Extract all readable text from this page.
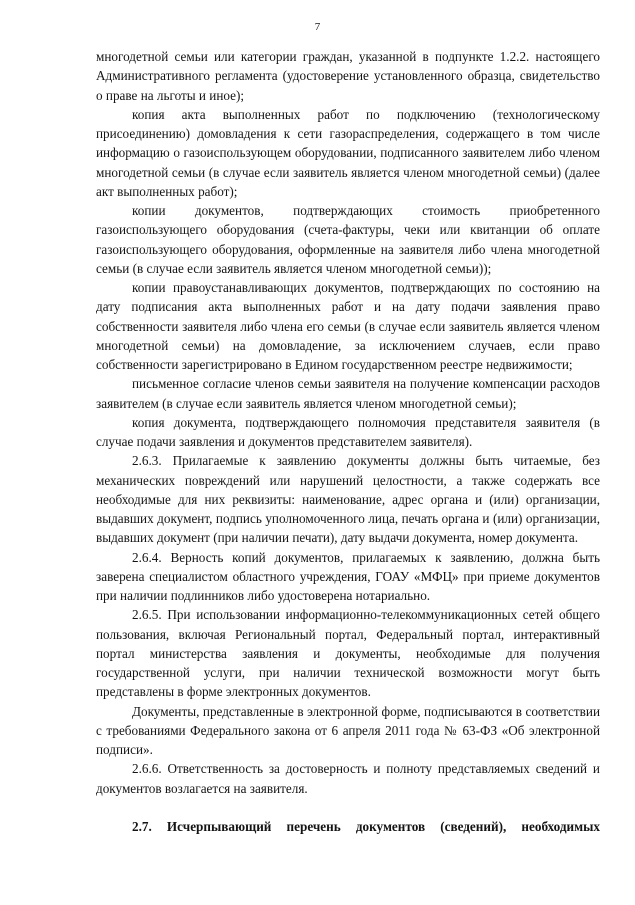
7

многодетной семьи или категории граждан, указанной в подпункте 1.2.2. настоящего Административного регламента (удостоверение установленного образца, свидетельство о праве на льготы и иное);

копия акта выполненных работ по подключению (технологическому присоединению) домовладения к сети газораспределения, содержащего в том числе информацию о газоиспользующем оборудовании, подписанного заявителем либо членом многодетной семьи (в случае если заявитель является членом многодетной семьи) (далее акт выполненных работ);

копии документов, подтверждающих стоимость приобретенного газоиспользующего оборудования (счета-фактуры, чеки или квитанции об оплате газоиспользующего оборудования, оформленные на заявителя либо члена многодетной семьи (в случае если заявитель является членом многодетной семьи));

копии правоустанавливающих документов, подтверждающих по состоянию на дату подписания акта выполненных работ и на дату подачи заявления право собственности заявителя либо члена его семьи (в случае если заявитель является членом многодетной семьи) на домовладение, за исключением случаев, если право собственности зарегистрировано в Едином государственном реестре недвижимости;

письменное согласие членов семьи заявителя на получение компенсации расходов заявителем (в случае если заявитель является членом многодетной семьи);

копия документа, подтверждающего полномочия представителя заявителя (в случае подачи заявления и документов представителем заявителя).

2.6.3. Прилагаемые к заявлению документы должны быть читаемые, без механических повреждений или нарушений целостности, а также содержать все необходимые для них реквизиты: наименование, адрес органа и (или) организации, выдавших документ, подпись уполномоченного лица, печать органа и (или) организации, выдавших документ (при наличии печати), дату выдачи документа, номер документа.

2.6.4. Верность копий документов, прилагаемых к заявлению, должна быть заверена специалистом областного учреждения, ГОАУ «МФЦ» при приеме документов при наличии подлинников либо удостоверена нотариально.

2.6.5. При использовании информационно-телекоммуникационных сетей общего пользования, включая Региональный портал, Федеральный портал, интерактивный портал министерства заявления и документы, необходимые для получения государственной услуги, при наличии технической возможности могут быть представлены в форме электронных документов.

Документы, представленные в электронной форме, подписываются в соответствии с требованиями Федерального закона от 6 апреля 2011 года № 63-ФЗ «Об электронной подписи».

2.6.6. Ответственность за достоверность и полноту представляемых сведений и документов возлагается на заявителя.

2.7. Исчерпывающий перечень документов (сведений), необходимых
